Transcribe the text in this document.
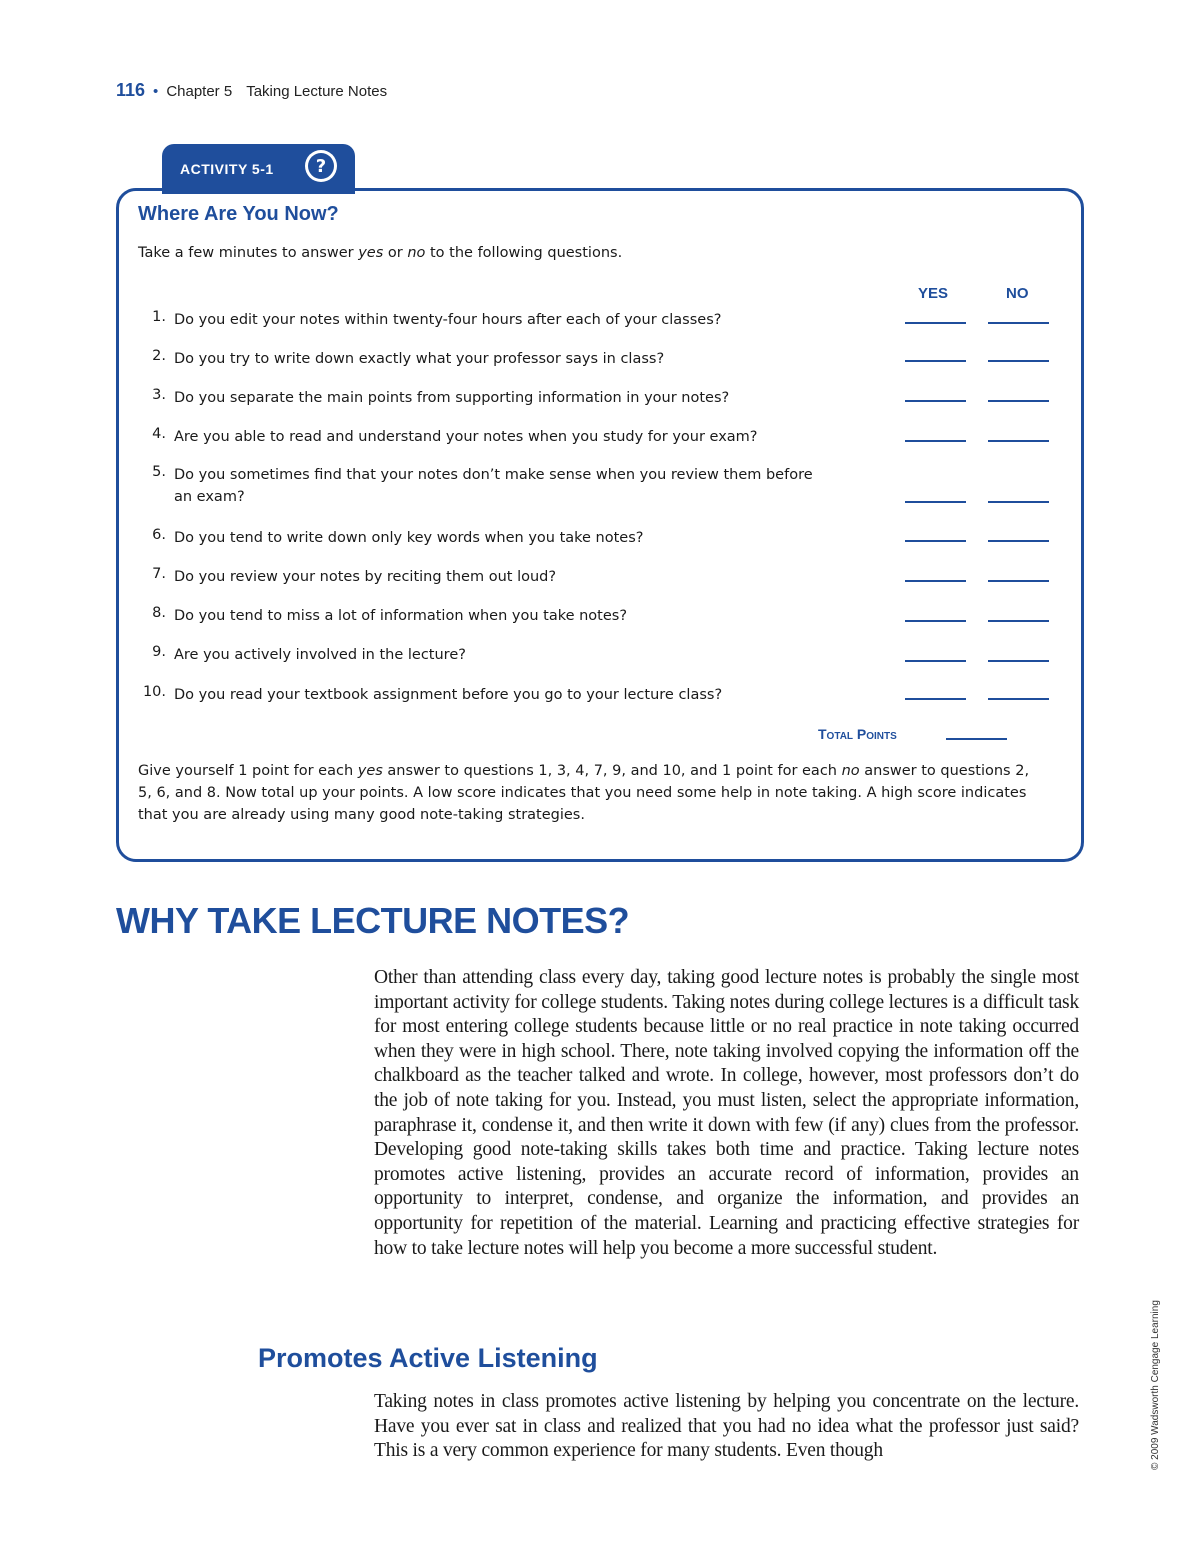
116 • Chapter 5 Taking Lecture Notes
ACTIVITY 5-1	?
Where Are You Now?
Take a few minutes to answer yes or no to the following questions.
YES	NO
1. Do you edit your notes within twenty-four hours after each of your classes?
2. Do you try to write down exactly what your professor says in class?
3. Do you separate the main points from supporting information in your notes?
4. Are you able to read and understand your notes when you study for your exam?
5. Do you sometimes find that your notes don’t make sense when you review them before an exam?
6. Do you tend to write down only key words when you take notes?
7. Do you review your notes by reciting them out loud?
8. Do you tend to miss a lot of information when you take notes?
9. Are you actively involved in the lecture?
10. Do you read your textbook assignment before you go to your lecture class?
Total Points
Give yourself 1 point for each yes answer to questions 1, 3, 4, 7, 9, and 10, and 1 point for each no answer to questions 2, 5, 6, and 8. Now total up your points. A low score indicates that you need some help in note taking. A high score indicates that you are already using many good note-taking strategies.
WHY TAKE LECTURE NOTES?

Other than attending class every day, taking good lecture notes is probably the single most important activity for college students. Taking notes during college lectures is a difficult task for most entering college students because little or no real practice in note taking occurred when they were in high school. There, note taking involved copying the information off the chalkboard as the teacher talked and wrote. In college, however, most professors don’t do the job of note taking for you. Instead, you must listen, select the appropriate information, paraphrase it, condense it, and then write it down with few (if any) clues from the professor. Developing good note-taking skills takes both time and practice. Taking lecture notes promotes active listening, provides an accurate record of information, provides an opportunity to interpret, condense, and organize the information, and provides an opportunity for repetition of the material. Learning and practicing effective strategies for how to take lecture notes will help you become a more successful student.

Promotes Active Listening

Taking notes in class promotes active listening by helping you concentrate on the lecture. Have you ever sat in class and realized that you had no idea what the professor just said? This is a very common experience for many students. Even though	© 2009 Wadsworth Cengage Learning
